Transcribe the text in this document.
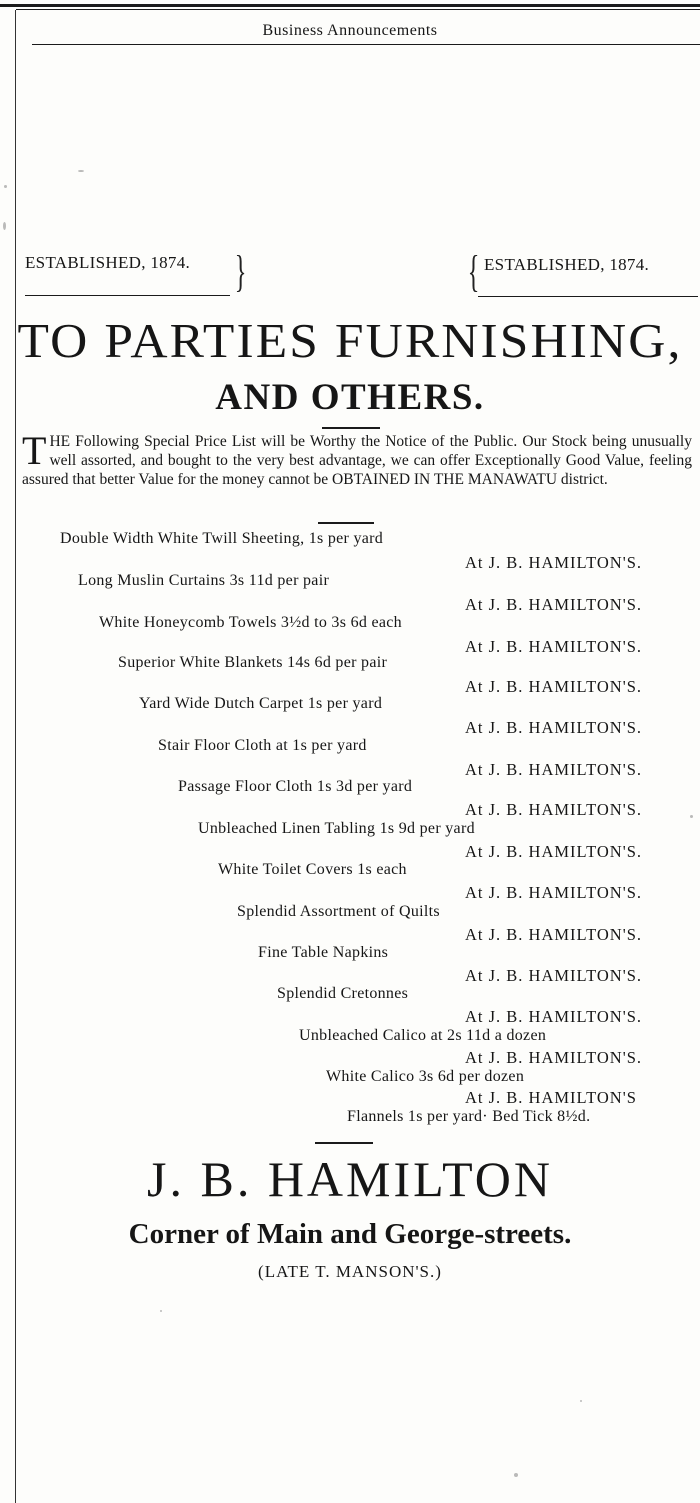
Business Announcements
ESTABLISHED, 1874. }	{ ESTABLISHED, 1874.
TO PARTIES FURNISHING,
AND OTHERS.
THE Following Special Price List will be Worthy the Notice of the Public. Our Stock being unusually well assorted, and bought to the very best advantage, we can offer Exceptionally Good Value, feeling assured that better Value for the money cannot be OBTAINED IN THE MANAWATU district.
Double Width White Twill Sheeting, 1s per yard
At J. B. HAMILTON'S.
Long Muslin Curtains 3s 11d per pair
At J. B. HAMILTON'S.
White Honeycomb Towels 3½d to 3s 6d each
At J. B. HAMILTON'S.
Superior White Blankets 14s 6d per pair
At J. B. HAMILTON'S.
Yard Wide Dutch Carpet 1s per yard
At J. B. HAMILTON'S.
Stair Floor Cloth at 1s per yard
At J. B. HAMILTON'S.
Passage Floor Cloth 1s 3d per yard
At J. B. HAMILTON'S.
Unbleached Linen Tabling 1s 9d per yard
At J. B. HAMILTON'S.
White Toilet Covers 1s each
At J. B. HAMILTON'S.
Splendid Assortment of Quilts
At J. B. HAMILTON'S.
Fine Table Napkins
At J. B. HAMILTON'S.
Splendid Cretonnes
At J. B. HAMILTON'S.
Unbleached Calico at 2s 11d a dozen
At J. B. HAMILTON'S.
White Calico 3s 6d per dozen
At J. B. HAMILTON'S
Flannels 1s per yard· Bed Tick 8½d.
J. B. HAMILTON
Corner of Main and George-streets.
(LATE T. MANSON'S.)
